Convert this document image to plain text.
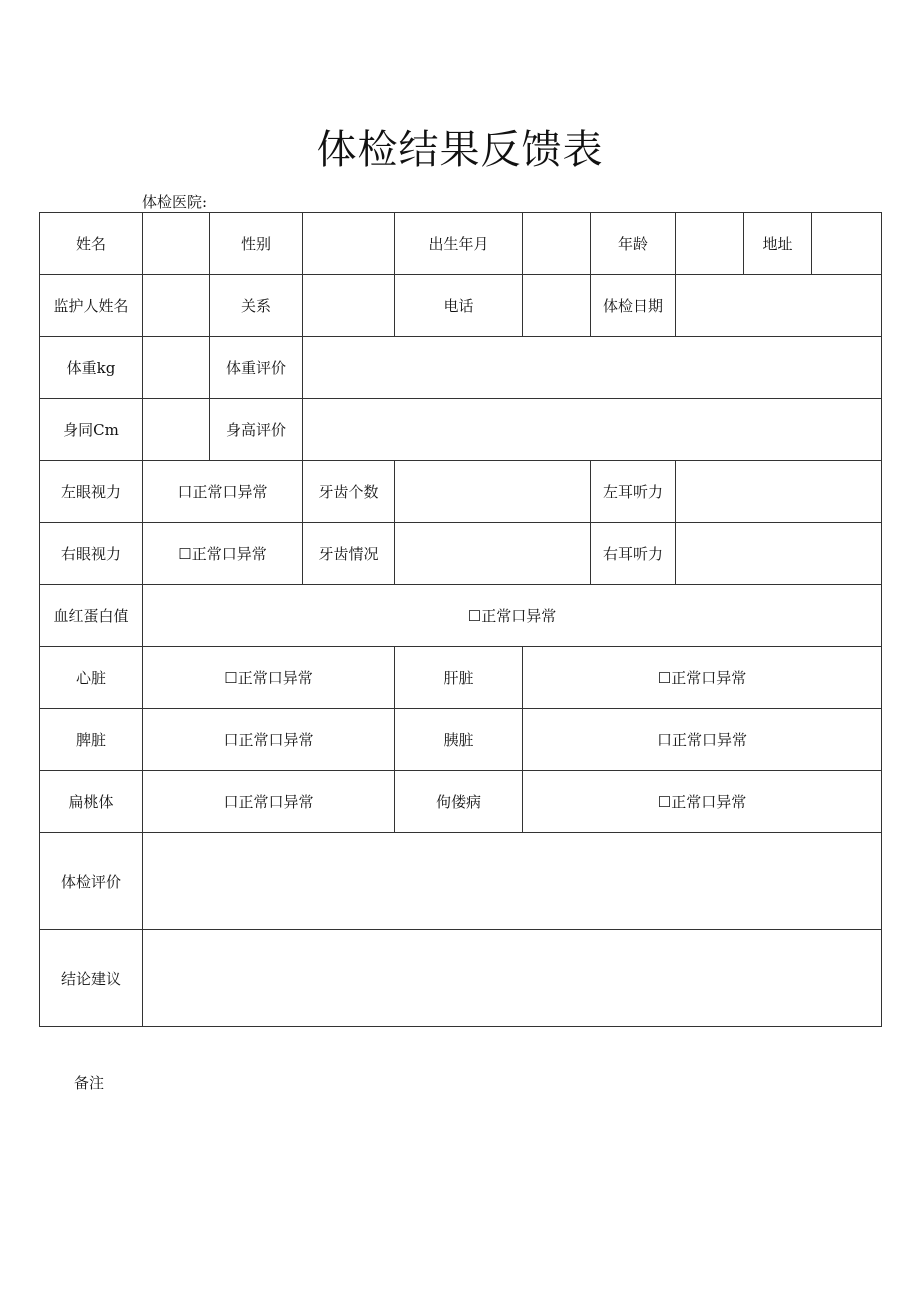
体检结果反馈表
体检医院:
姓名		性别		出生年月		年龄		地址	
监护人姓名		关系		电话		体检日期			
体重kg		体重评价							
身同Cm		身高评价							
左眼视力	口正常口异常		牙齿个数			左耳听力			
右眼视力	☐正常口异常		牙齿情况			右耳听力			
血红蛋白值	☐正常口异常								
心脏	☐正常口异常			肝脏	☐正常口异常				
脾脏	口正常口异常			胰脏	口正常口异常				
扁桃体	口正常口异常			佝偻病	☐正常口异常				
体检评价									
结论建议									
备注
